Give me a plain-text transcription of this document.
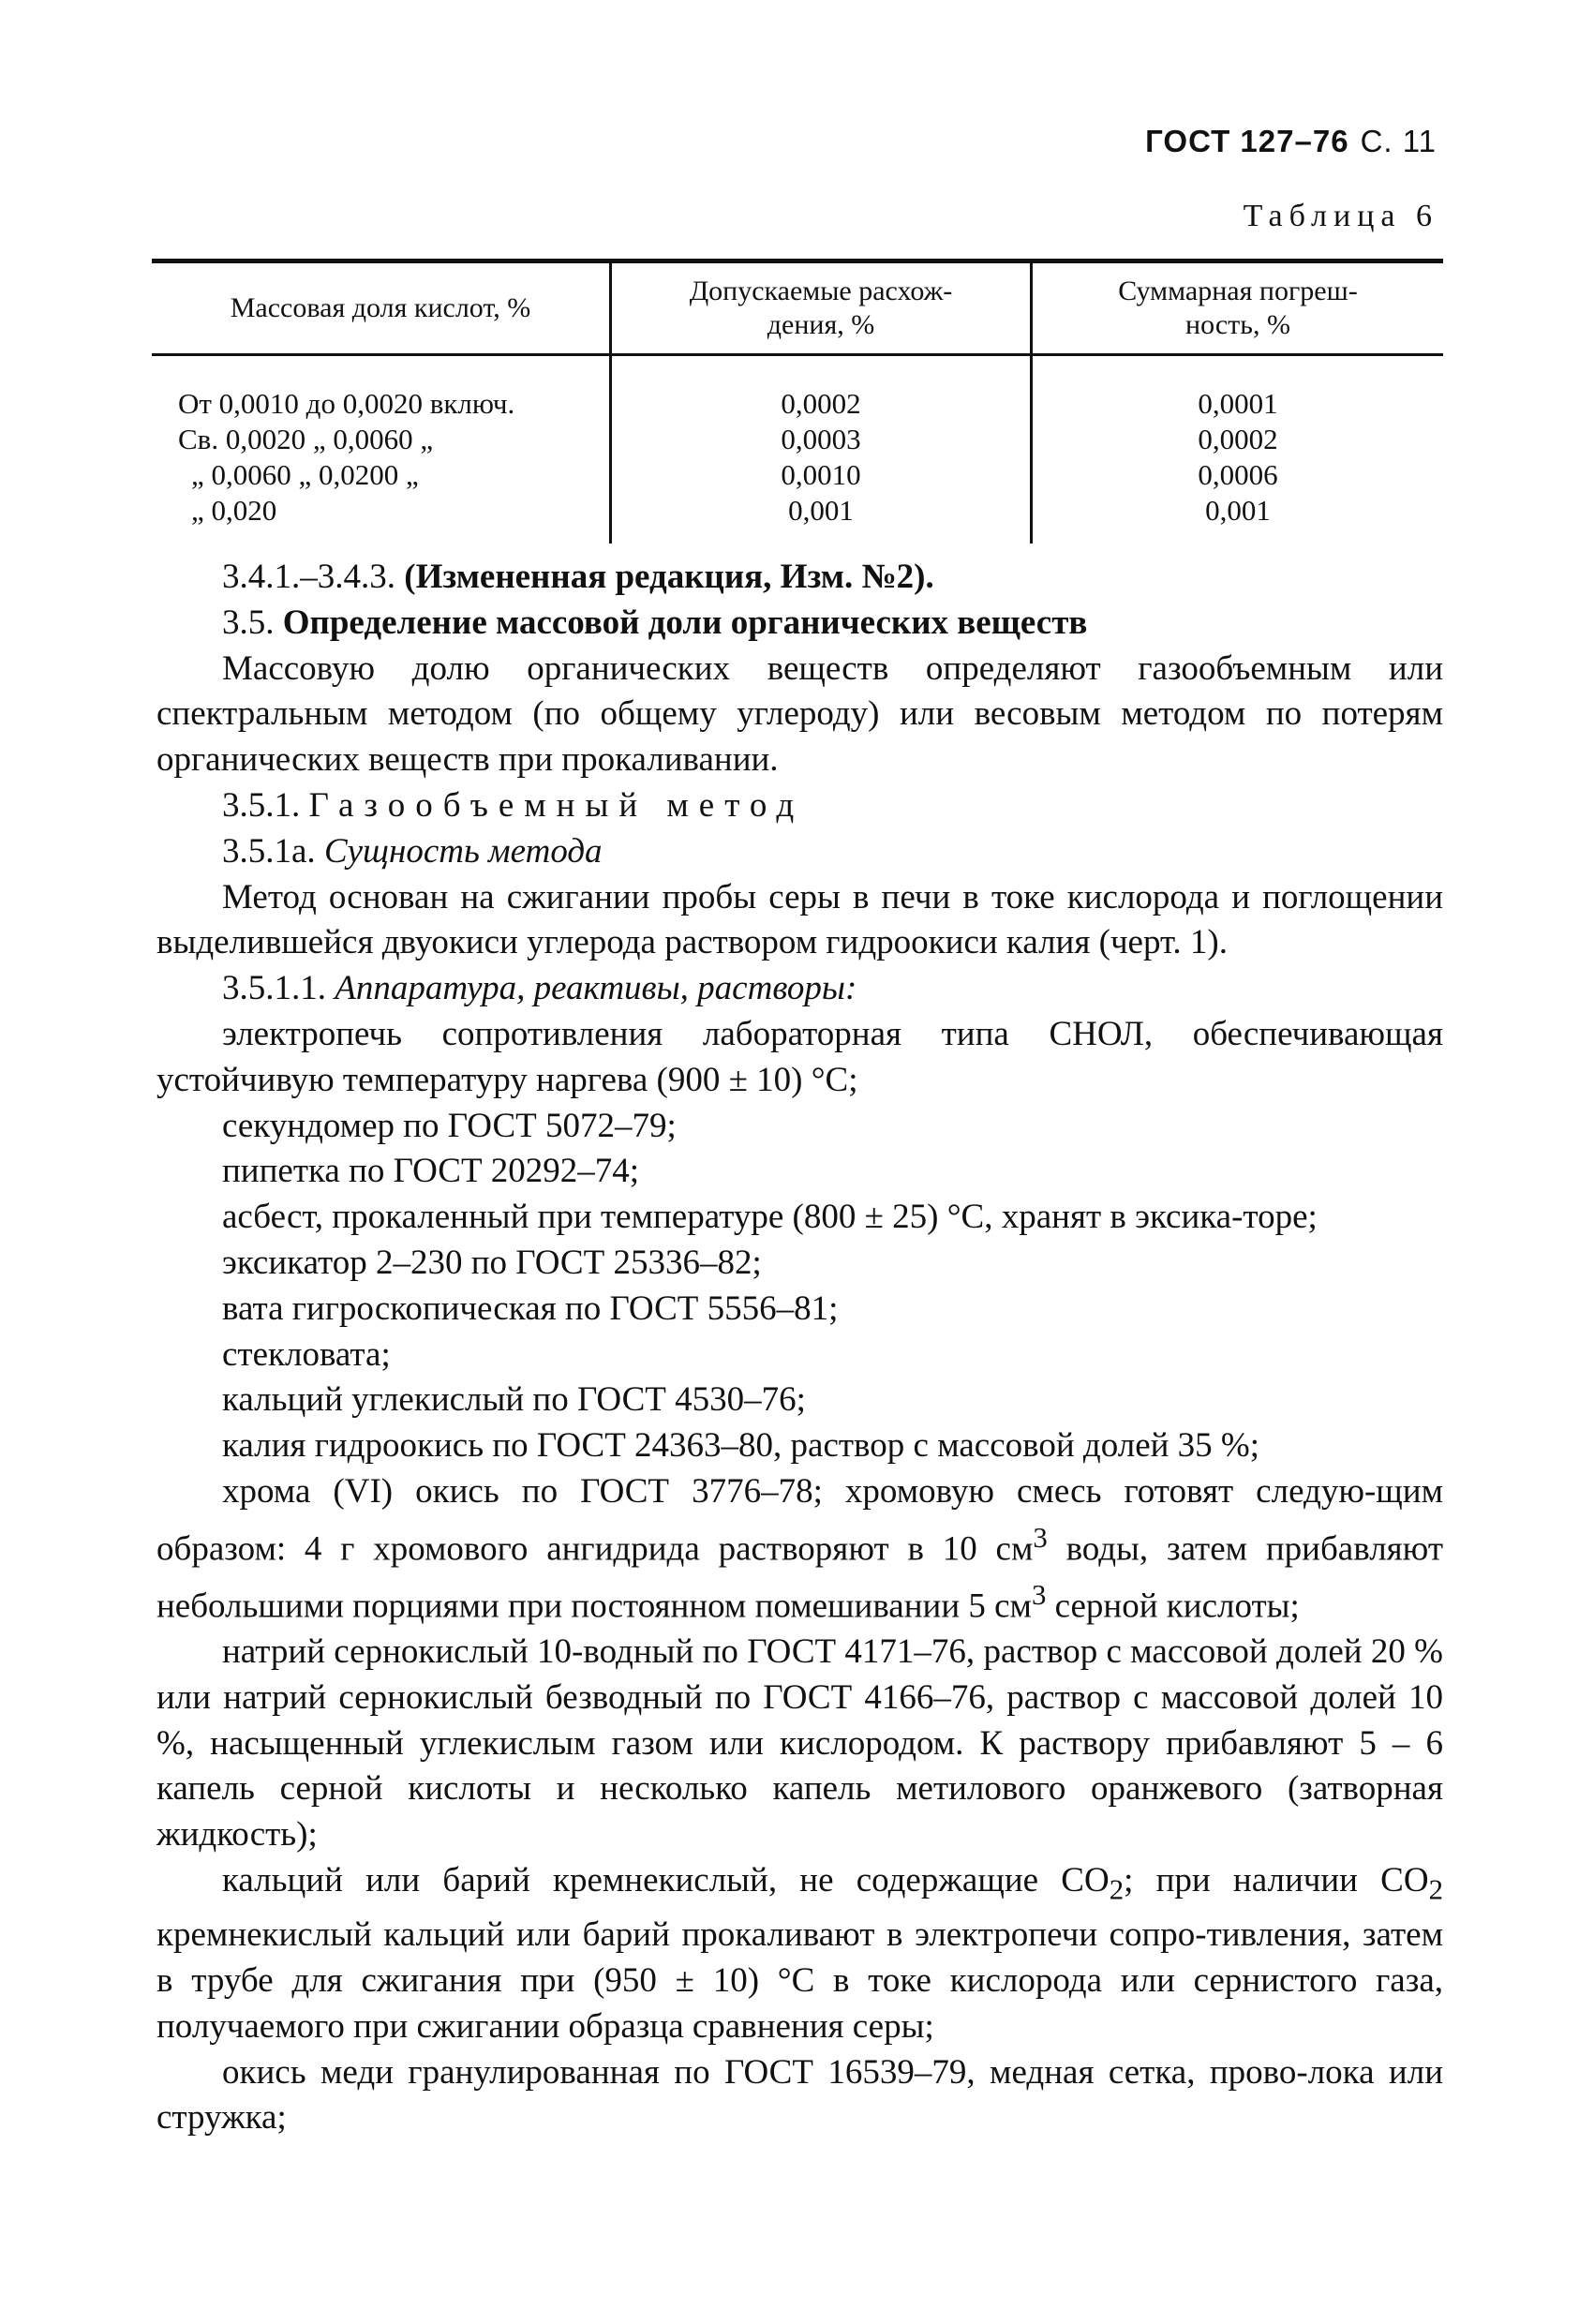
ГОСТ 127–76 С. 11
Таблица 6
Массовая доля кислот, %
Допускаемые расхож-
дения, %
Суммарная погреш-
ность, %
От 0,0010 до 0,0020 включ.
Св. 0,0020 „ 0,0060 „
„ 0,0060 „ 0,0200 „
„ 0,020
0,0002
0,0003
0,0010
0,001
0,0001
0,0002
0,0006
0,001

3.4.1.–3.4.3. (Измененная редакция, Изм. №2).

3.5. Определение массовой доли органических веществ

Массовую долю органических веществ определяют газообъемным или спектральным методом (по общему углероду) или весовым методом по потерям органических веществ при прокаливании.

3.5.1. Газообъемный метод

3.5.1а. Сущность метода

Метод основан на сжигании пробы серы в печи в токе кислорода и поглощении выделившейся двуокиси углерода раствором гидроокиси калия (черт. 1).

3.5.1.1. Аппаратура, реактивы, растворы:

электропечь сопротивления лабораторная типа СНОЛ, обеспечивающая устойчивую температуру наргева (900 ± 10) °С;

секундомер по ГОСТ 5072–79;

пипетка по ГОСТ 20292–74;

асбест, прокаленный при температуре (800 ± 25) °С, хранят в эксика-торе;

эксикатор 2–230 по ГОСТ 25336–82;

вата гигроскопическая по ГОСТ 5556–81;

стекловата;

кальций углекислый по ГОСТ 4530–76;

калия гидроокись по ГОСТ 24363–80, раствор с массовой долей 35 %;

хрома (VI) окись по ГОСТ 3776–78; хромовую смесь готовят следую-щим образом: 4 г хромового ангидрида растворяют в 10 $см^3$ воды, затем прибавляют небольшими порциями при постоянном помешивании 5 $см^3$ серной кислоты;

натрий сернокислый 10-водный по ГОСТ 4171–76, раствор с массовой долей 20 % или натрий сернокислый безводный по ГОСТ 4166–76, раствор с массовой долей 10 %, насыщенный углекислым газом или кислородом. К раствору прибавляют 5 – 6 капель серной кислоты и несколько капель метилового оранжевого (затворная жидкость);

кальций или барий кремнекислый, не содержащие $СО_2$; при наличии $СО_2$ кремнекислый кальций или барий прокаливают в электропечи сопро-тивления, затем в трубе для сжигания при (950 ± 10) °С в токе кислорода или сернистого газа, получаемого при сжигании образца сравнения серы;

окись меди гранулированная по ГОСТ 16539–79, медная сетка, прово-лока или стружка;
